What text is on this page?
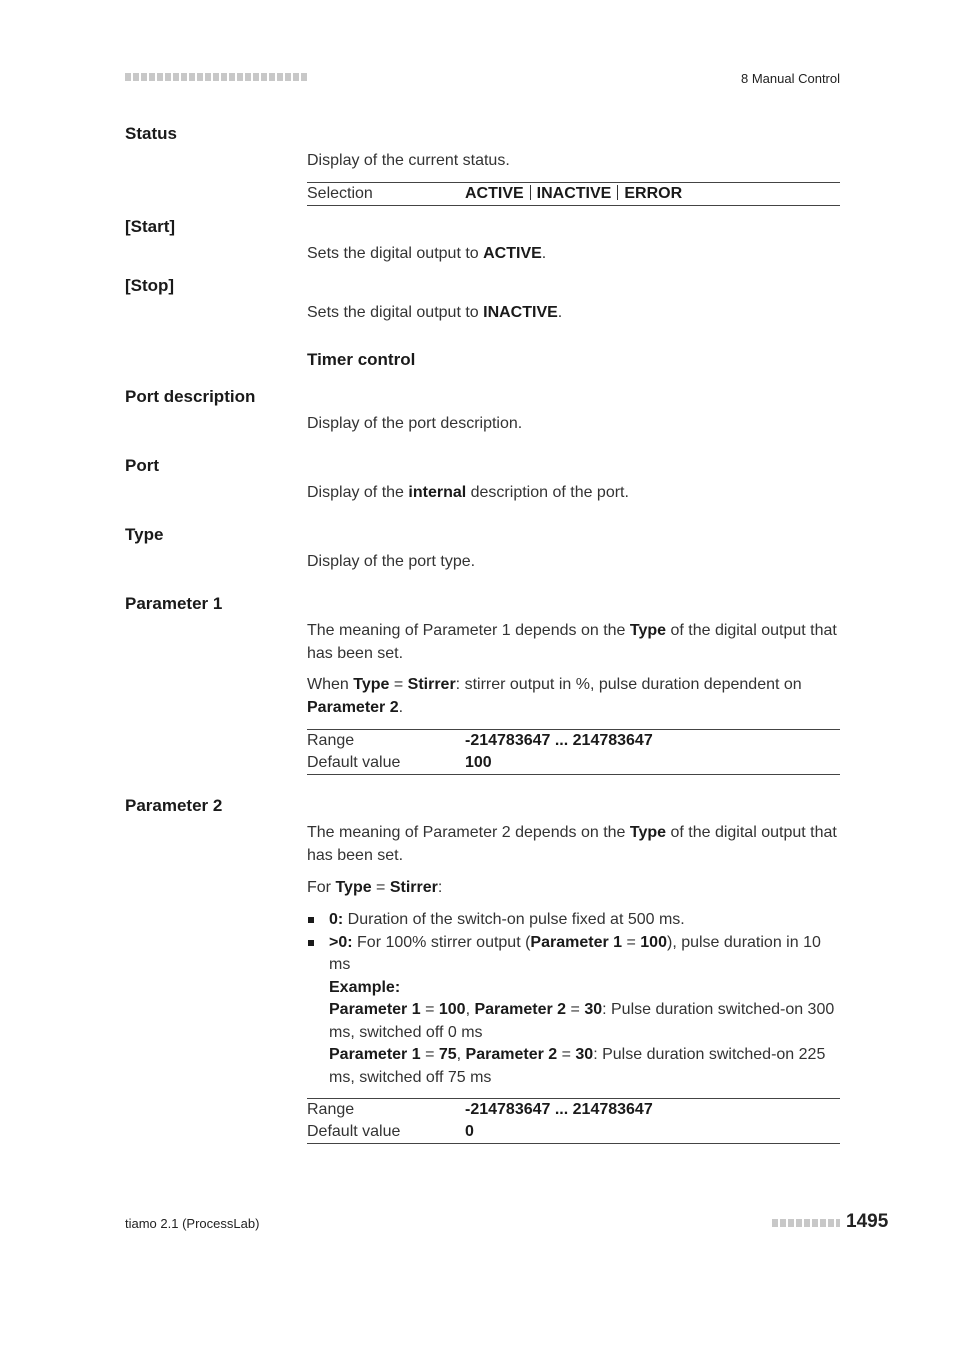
8 Manual Control
Status
Display of the current status.
Selection	ACTIVE INACTIVE ERROR
[Start]
Sets the digital output to ACTIVE.
[Stop]
Sets the digital output to INACTIVE.
Timer control
Port description
Display of the port description.
Port
Display of the internal description of the port.
Type
Display of the port type.
Parameter 1
The meaning of Parameter 1 depends on the Type of the digital output that has been set.
When Type = Stirrer: stirrer output in %, pulse duration dependent on Parameter 2.
Range	-214783647 ... 214783647
Default value	100
Parameter 2
The meaning of Parameter 2 depends on the Type of the digital output that has been set.
For Type = Stirrer:
0: Duration of the switch-on pulse fixed at 500 ms.
>0: For 100% stirrer output (Parameter 1 = 100), pulse duration in 10 ms
Example:
Parameter 1 = 100, Parameter 2 = 30: Pulse duration switched-on 300 ms, switched off 0 ms
Parameter 1 = 75, Parameter 2 = 30: Pulse duration switched-on 225 ms, switched off 75 ms
Range	-214783647 ... 214783647
Default value	0
tiamo 2.1 (ProcessLab)	1495
